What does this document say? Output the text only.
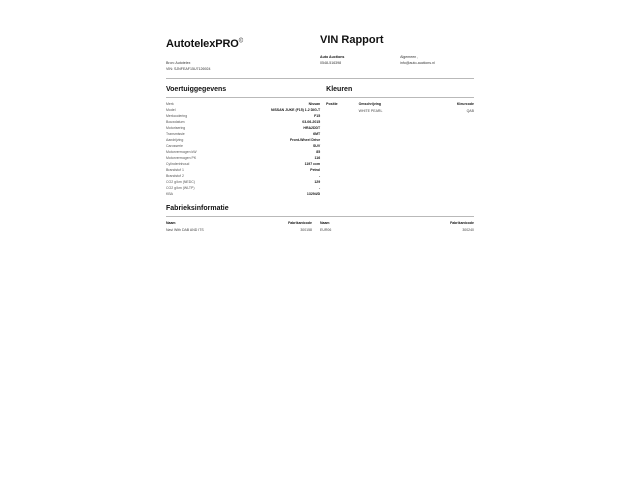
AutotelexPRO©
Bron: Autotelex
VIN: SJNFEAF15U7126924
VIN Rapport
Auto Auctions
0548-516398
Algemeen ,
info@auto-auctions.nl
Voertuiggegevens	Kleuren
Merk	Nissan
Model	NISSAN JUKE (F15) 1.2 DIG-T
Merkcodering	F15
Bouwdatum	03-06-2015
Motorisering	HRA2DDT
Transmissie	6MT
Aandrijving	Front-Wheel Drive
Carosserie	SUV
Motorvermogen kW	85
Motorvermogen PK	116
Cylinderinhoud	1197 ccm
Brandstof 1	Petrol
Brandstof 2	-
CO2 g/km (NEDC)	129
CO2 g/km (WLTP)	-
KBA	13294/D
Positie	Omschrijving	Kleurcode
	WHITE PEARL	QAB
Fabrieksinformatie
Naam	Fabrikantcode
Navi With DAB AND ITS	300158
Naam	Fabrikantcode
EUR06	300240
